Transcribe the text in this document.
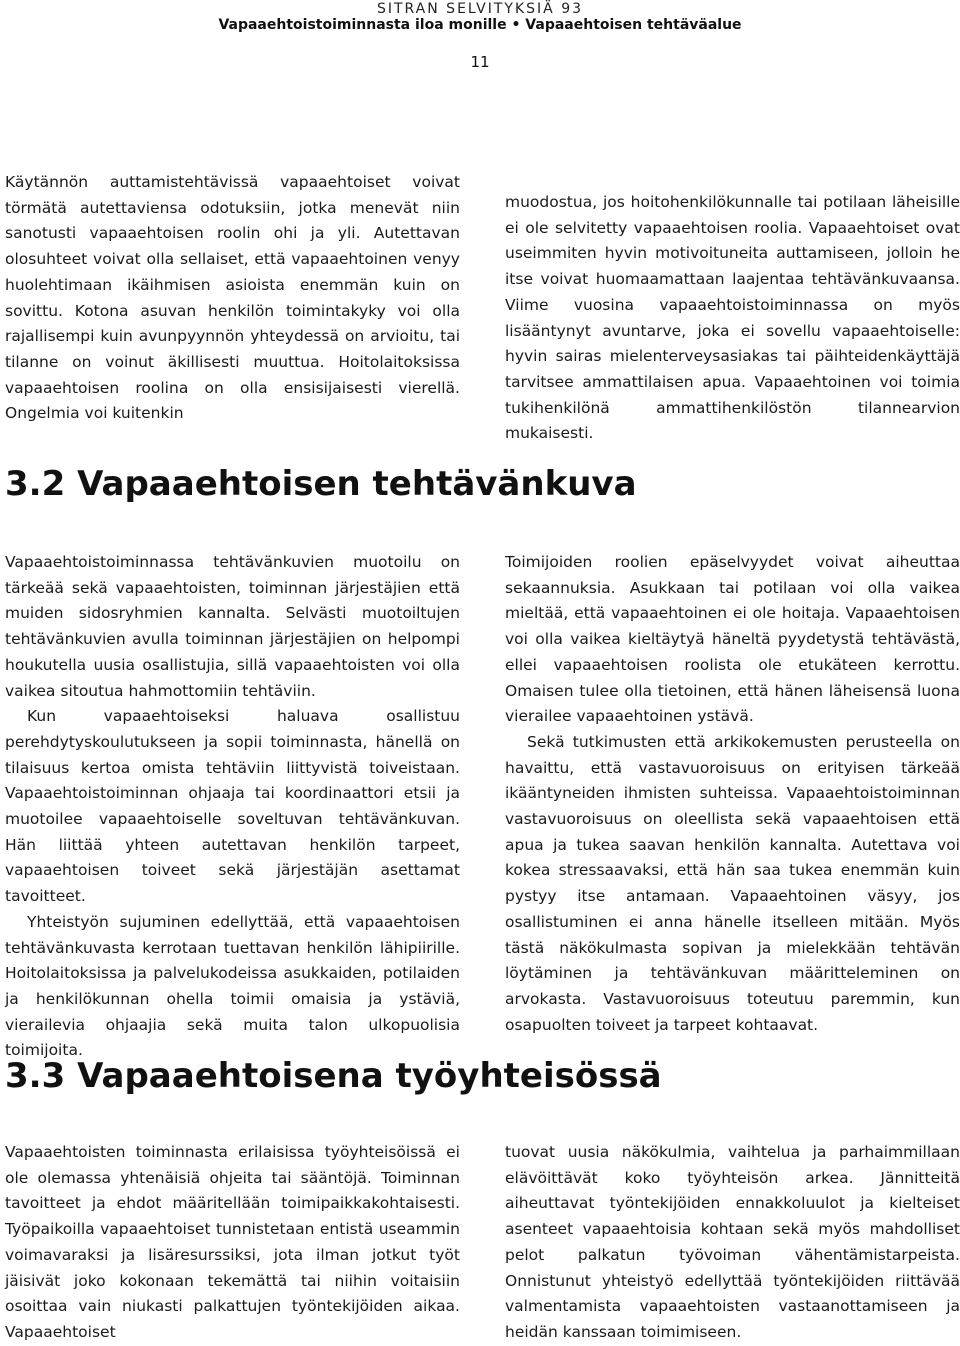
SITRAN SELVITYKSIÄ 93
Vapaaehtoistoiminnasta iloa monille • Vapaaehtoisen tehtäväalue
11

Käytännön auttamistehtävissä vapaaehtoiset voivat törmätä autettaviensa odotuksiin, jotka menevät niin sanotusti vapaaehtoisen roolin ohi ja yli. Autettavan olosuhteet voivat olla sellaiset, että vapaaehtoinen venyy huolehtimaan ikäihmisen asioista enemmän kuin on sovittu. Kotona asuvan henkilön toimintakyky voi olla rajallisempi kuin avunpyynnön yhteydessä on arvioitu, tai tilanne on voinut äkillisesti muuttua. Hoitolaitoksissa vapaaehtoisen roolina on olla ensisijaisesti vierellä. Ongelmia voi kuitenkin

muodostua, jos hoitohenkilökunnalle tai potilaan läheisille ei ole selvitetty vapaaehtoisen roolia. Vapaaehtoiset ovat useimmiten hyvin motivoituneita auttamiseen, jolloin he itse voivat huomaamattaan laajentaa tehtävänkuvaansa. Viime vuosina vapaaehtoistoiminnassa on myös lisääntynyt avuntarve, joka ei sovellu vapaaehtoiselle: hyvin sairas mielenterveysasiakas tai päihteidenkäyttäjä tarvitsee ammattilaisen apua. Vapaaehtoinen voi toimia tukihenkilönä ammattihenkilöstön tilannearvion mukaisesti.

3.2 Vapaaehtoisen tehtävänkuva

Vapaaehtoistoiminnassa tehtävänkuvien muotoilu on tärkeää sekä vapaaehtoisten, toiminnan järjestäjien että muiden sidosryhmien kannalta. Selvästi muotoiltujen tehtävänkuvien avulla toiminnan järjestäjien on helpompi houkutella uusia osallistujia, sillä vapaaehtoisten voi olla vaikea sitoutua hahmottomiin tehtäviin.

Kun vapaaehtoiseksi haluava osallistuu perehdytyskoulutukseen ja sopii toiminnasta, hänellä on tilaisuus kertoa omista tehtäviin liittyvistä toiveistaan. Vapaaehtoistoiminnan ohjaaja tai koordinaattori etsii ja muotoilee vapaaehtoiselle soveltuvan tehtävänkuvan. Hän liittää yhteen autettavan henkilön tarpeet, vapaaehtoisen toiveet sekä järjestäjän asettamat tavoitteet.

Yhteistyön sujuminen edellyttää, että vapaaehtoisen tehtävänkuvasta kerrotaan tuettavan henkilön lähipiirille. Hoitolaitoksissa ja palvelukodeissa asukkaiden, potilaiden ja henkilökunnan ohella toimii omaisia ja ystäviä, vierailevia ohjaajia sekä muita talon ulkopuolisia toimijoita.

Toimijoiden roolien epäselvyydet voivat aiheuttaa sekaannuksia. Asukkaan tai potilaan voi olla vaikea mieltää, että vapaaehtoinen ei ole hoitaja. Vapaaehtoisen voi olla vaikea kieltäytyä häneltä pyydetystä tehtävästä, ellei vapaaehtoisen roolista ole etukäteen kerrottu. Omaisen tulee olla tietoinen, että hänen läheisensä luona vierailee vapaaehtoinen ystävä.

Sekä tutkimusten että arkikokemusten perusteella on havaittu, että vastavuoroisuus on erityisen tärkeää ikääntyneiden ihmisten suhteissa. Vapaaehtoistoiminnan vastavuoroisuus on oleellista sekä vapaaehtoisen että apua ja tukea saavan henkilön kannalta. Autettava voi kokea stressaavaksi, että hän saa tukea enemmän kuin pystyy itse antamaan. Vapaaehtoinen väsyy, jos osallistuminen ei anna hänelle itselleen mitään. Myös tästä näkökulmasta sopivan ja mielekkään tehtävän löytäminen ja tehtävänkuvan määritteleminen on arvokasta. Vastavuoroisuus toteutuu paremmin, kun osapuolten toiveet ja tarpeet kohtaavat.

3.3 Vapaaehtoisena työyhteisössä

Vapaaehtoisten toiminnasta erilaisissa työyhteisöissä ei ole olemassa yhtenäisiä ohjeita tai sääntöjä. Toiminnan tavoitteet ja ehdot määritellään toimipaikkakohtaisesti. Työpaikoilla vapaaehtoiset tunnistetaan entistä useammin voimavaraksi ja lisäresurssiksi, jota ilman jotkut työt jäisivät joko kokonaan tekemättä tai niihin voitaisiin osoittaa vain niukasti palkattujen työntekijöiden aikaa. Vapaaehtoiset

tuovat uusia näkökulmia, vaihtelua ja parhaimmillaan elävöittävät koko työyhteisön arkea. Jännitteitä aiheuttavat työntekijöiden ennakkoluulot ja kielteiset asenteet vapaaehtoisia kohtaan sekä myös mahdolliset pelot palkatun työvoiman vähentämistarpeista. Onnistunut yhteistyö edellyttää työntekijöiden riittävää valmentamista vapaaehtoisten vastaanottamiseen ja heidän kanssaan toimimiseen.
